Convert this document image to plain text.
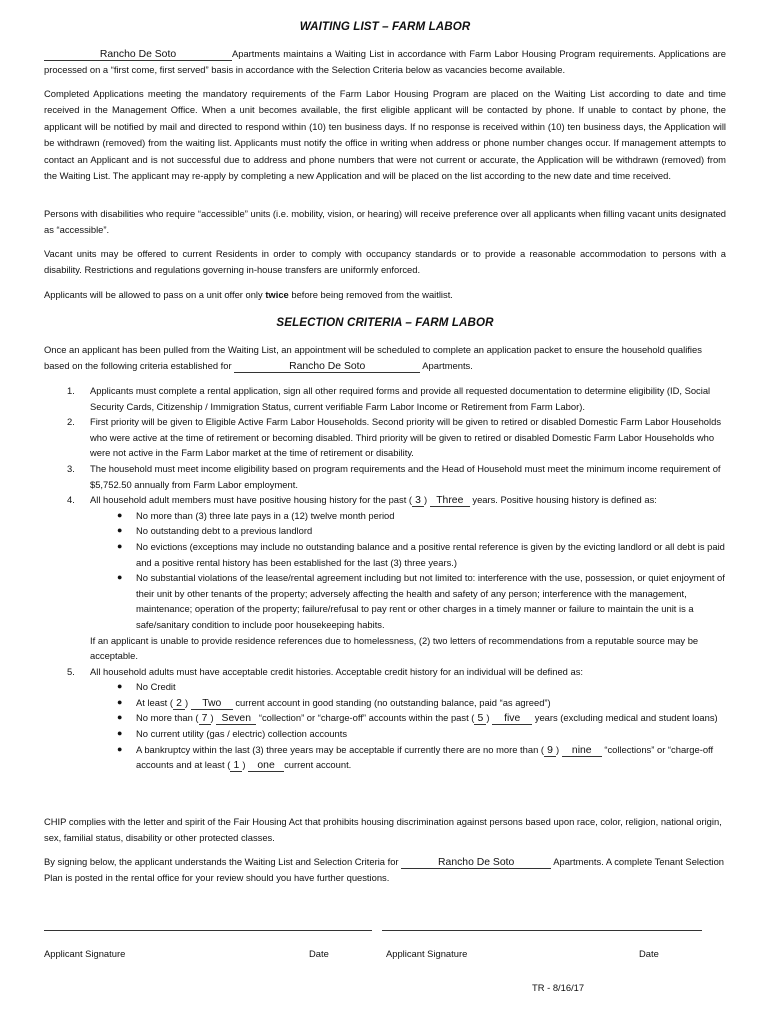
WAITING LIST – FARM LABOR

Rancho De Soto	Apartments maintains a Waiting List in accordance with Farm Labor Housing Program requirements. Applications are processed on a “first come, first served” basis in accordance with the Selection Criteria below as vacancies become available.

Completed Applications meeting the mandatory requirements of the Farm Labor Housing Program are placed on the Waiting List according to date and time received in the Management Office. When a unit becomes available, the first eligible applicant will be contacted by phone. If unable to contact by phone, the applicant will be notified by mail and directed to respond within (10) ten business days. If no response is received within (10) ten business days, the Application will be withdrawn (removed) from the waiting list. Applicants must notify the office in writing when address or phone number changes occur. If management attempts to contact an Applicant and is not successful due to address and phone numbers that were not current or accurate, the Application will be withdrawn (removed) from the Waiting List. The applicant may re-apply by completing a new Application and will be placed on the list according to the new date and time received.

Persons with disabilities who require “accessible” units (i.e. mobility, vision, or hearing) will receive preference over all applicants when filling vacant units designated as “accessible”.

Vacant units may be offered to current Residents in order to comply with occupancy standards or to provide a reasonable accommodation to persons with a disability. Restrictions and regulations governing in-house transfers are uniformly enforced.

Applicants will be allowed to pass on a unit offer only twice before being removed from the waitlist.

SELECTION CRITERIA – FARM LABOR

Once an applicant has been pulled from the Waiting List, an appointment will be scheduled to complete an application packet to ensure the household qualifies based on the following criteria established for	Rancho De Soto	Apartments.

1. Applicants must complete a rental application, sign all other required forms and provide all requested documentation to determine eligibility (ID, Social Security Cards, Citizenship / Immigration Status, current verifiable Farm Labor Income or Retirement from Farm Labor).
2. First priority will be given to Eligible Active Farm Labor Households. Second priority will be given to retired or disabled Domestic Farm Labor Households who were active at the time of retirement or becoming disabled. Third priority will be given to retired or disabled Domestic Farm Labor Households who were not active in the Farm Labor market at the time of retirement or disability.
3. The household must meet income eligibility based on program requirements and the Head of Household must meet the minimum income requirement of $5,752.50 annually from Farm Labor employment.
4. All household adult members must have positive housing history for the past ( 3 ) Three years. Positive housing history is defined as:
● No more than (3) three late pays in a (12) twelve month period
● No outstanding debt to a previous landlord
● No evictions (exceptions may include no outstanding balance and a positive rental reference is given by the evicting landlord or all debt is paid and a positive rental history has been established for the last (3) three years.)
● No substantial violations of the lease/rental agreement including but not limited to: interference with the use, possession, or quiet enjoyment of their unit by other tenants of the property; adversely affecting the health and safety of any person; interference with the management, maintenance; operation of the property; failure/refusal to pay rent or other charges in a timely manner or failure to maintain the unit is a safe/sanitary condition to include poor housekeeping habits.
If an applicant is unable to provide residence references due to homelessness, (2) two letters of recommendations from a reputable source may be acceptable.
5. All household adults must have acceptable credit histories. Acceptable credit history for an individual will be defined as:
● No Credit
● At least ( 2 ) Two current account in good standing (no outstanding balance, paid “as agreed”)
● No more than ( 7 ) Seven “collection” or “charge-off” accounts within the past ( 5 ) five years (excluding medical and student loans)
● No current utility (gas / electric) collection accounts
● A bankruptcy within the last (3) three years may be acceptable if currently there are no more than ( 9 ) nine “collections” or “charge-off accounts and at least ( 1 ) one current account.

CHIP complies with the letter and spirit of the Fair Housing Act that prohibits housing discrimination against persons based upon race, color, religion, national origin, sex, familial status, disability or other protected classes.

By signing below, the applicant understands the Waiting List and Selection Criteria for	Rancho De Soto	Apartments. A complete Tenant Selection Plan is posted in the rental office for your review should you have further questions.

Applicant Signature	Date	Applicant Signature	Date
TR - 8/16/17
